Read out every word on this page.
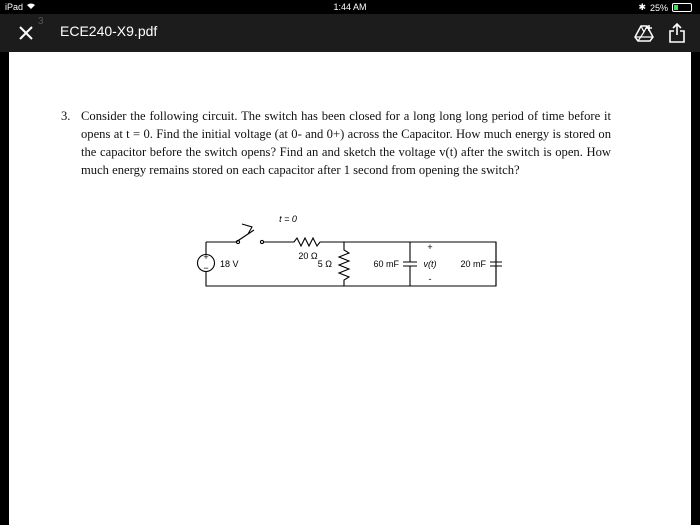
iPad	1:44 AM	✱ 25%
3
ECE240-X9.pdf
3. Consider the following circuit. The switch has been closed for a long long long period of time before it opens at t = 0. Find the initial voltage (at 0- and 0+) across the Capacitor. How much energy is stored on the capacitor before the switch opens? Find an and sketch the voltage v(t) after the switch is open. How much energy remains stored on each capacitor after 1 second from opening the switch?
+
− 18 V
t = 0
20 Ω
5 Ω	60 mF
+
v(t)
-
20 mF
